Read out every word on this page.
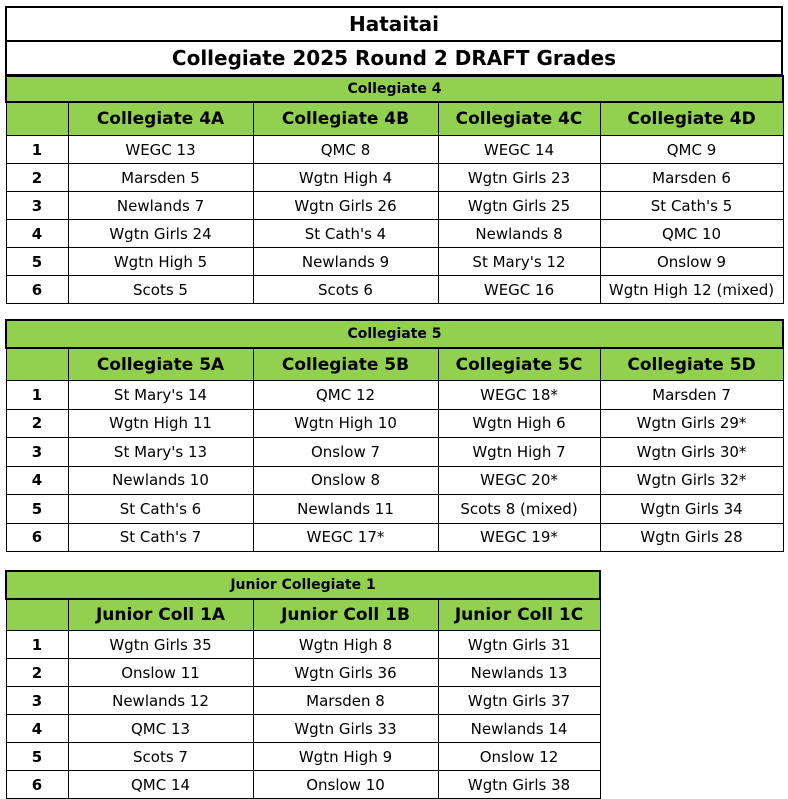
Hataitai
Collegiate 2025 Round 2 DRAFT Grades
Collegiate 4				
	Collegiate 4A	Collegiate 4B	Collegiate 4C	Collegiate 4D
1	WEGC 13	QMC 8	WEGC 14	QMC 9
2	Marsden 5	Wgtn High 4	Wgtn Girls 23	Marsden 6
3	Newlands 7	Wgtn Girls 26	Wgtn Girls 25	St Cath's 5
4	Wgtn Girls 24	St Cath's 4	Newlands 8	QMC 10
5	Wgtn High 5	Newlands 9	St Mary's 12	Onslow 9
6	Scots 5	Scots 6	WEGC 16	Wgtn High 12 (mixed)
Collegiate 5				
	Collegiate 5A	Collegiate 5B	Collegiate 5C	Collegiate 5D
1	St Mary's 14	QMC 12	WEGC 18*	Marsden 7
2	Wgtn High 11	Wgtn High 10	Wgtn High 6	Wgtn Girls 29*
3	St Mary's 13	Onslow 7	Wgtn High 7	Wgtn Girls 30*
4	Newlands 10	Onslow 8	WEGC 20*	Wgtn Girls 32*
5	St Cath's 6	Newlands 11	Scots 8 (mixed)	Wgtn Girls 34
6	St Cath's 7	WEGC 17*	WEGC 19*	Wgtn Girls 28
Junior Collegiate 1			
	Junior Coll 1A	Junior Coll 1B	Junior Coll 1C
1	Wgtn Girls 35	Wgtn High 8	Wgtn Girls 31
2	Onslow 11	Wgtn Girls 36	Newlands 13
3	Newlands 12	Marsden 8	Wgtn Girls 37
4	QMC 13	Wgtn Girls 33	Newlands 14
5	Scots 7	Wgtn High 9	Onslow 12
6	QMC 14	Onslow 10	Wgtn Girls 38
